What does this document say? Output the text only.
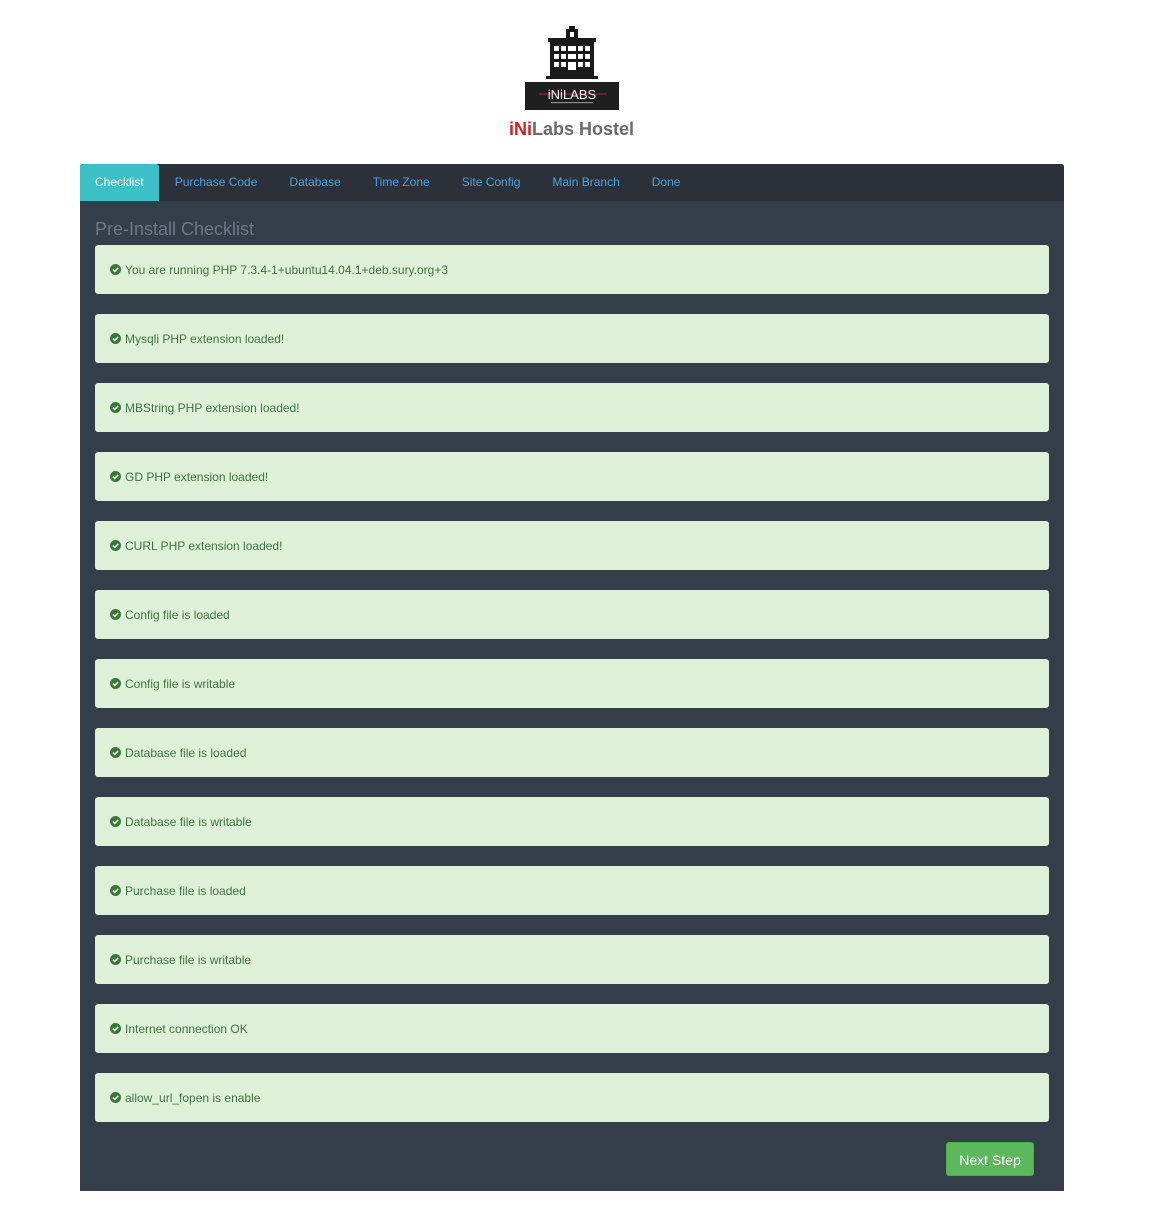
iNiLABS
iNiLabs Hostel
Checklist	Purchase Code	Database	Time Zone	Site Config	Main Branch	Done
Pre-Install Checklist
You are running PHP 7.3.4-1+ubuntu14.04.1+deb.sury.org+3
Mysqli PHP extension loaded!
MBString PHP extension loaded!
GD PHP extension loaded!
CURL PHP extension loaded!
Config file is loaded
Config file is writable
Database file is loaded
Database file is writable
Purchase file is loaded
Purchase file is writable
Internet connection OK
allow_url_fopen is enable
Next Step
